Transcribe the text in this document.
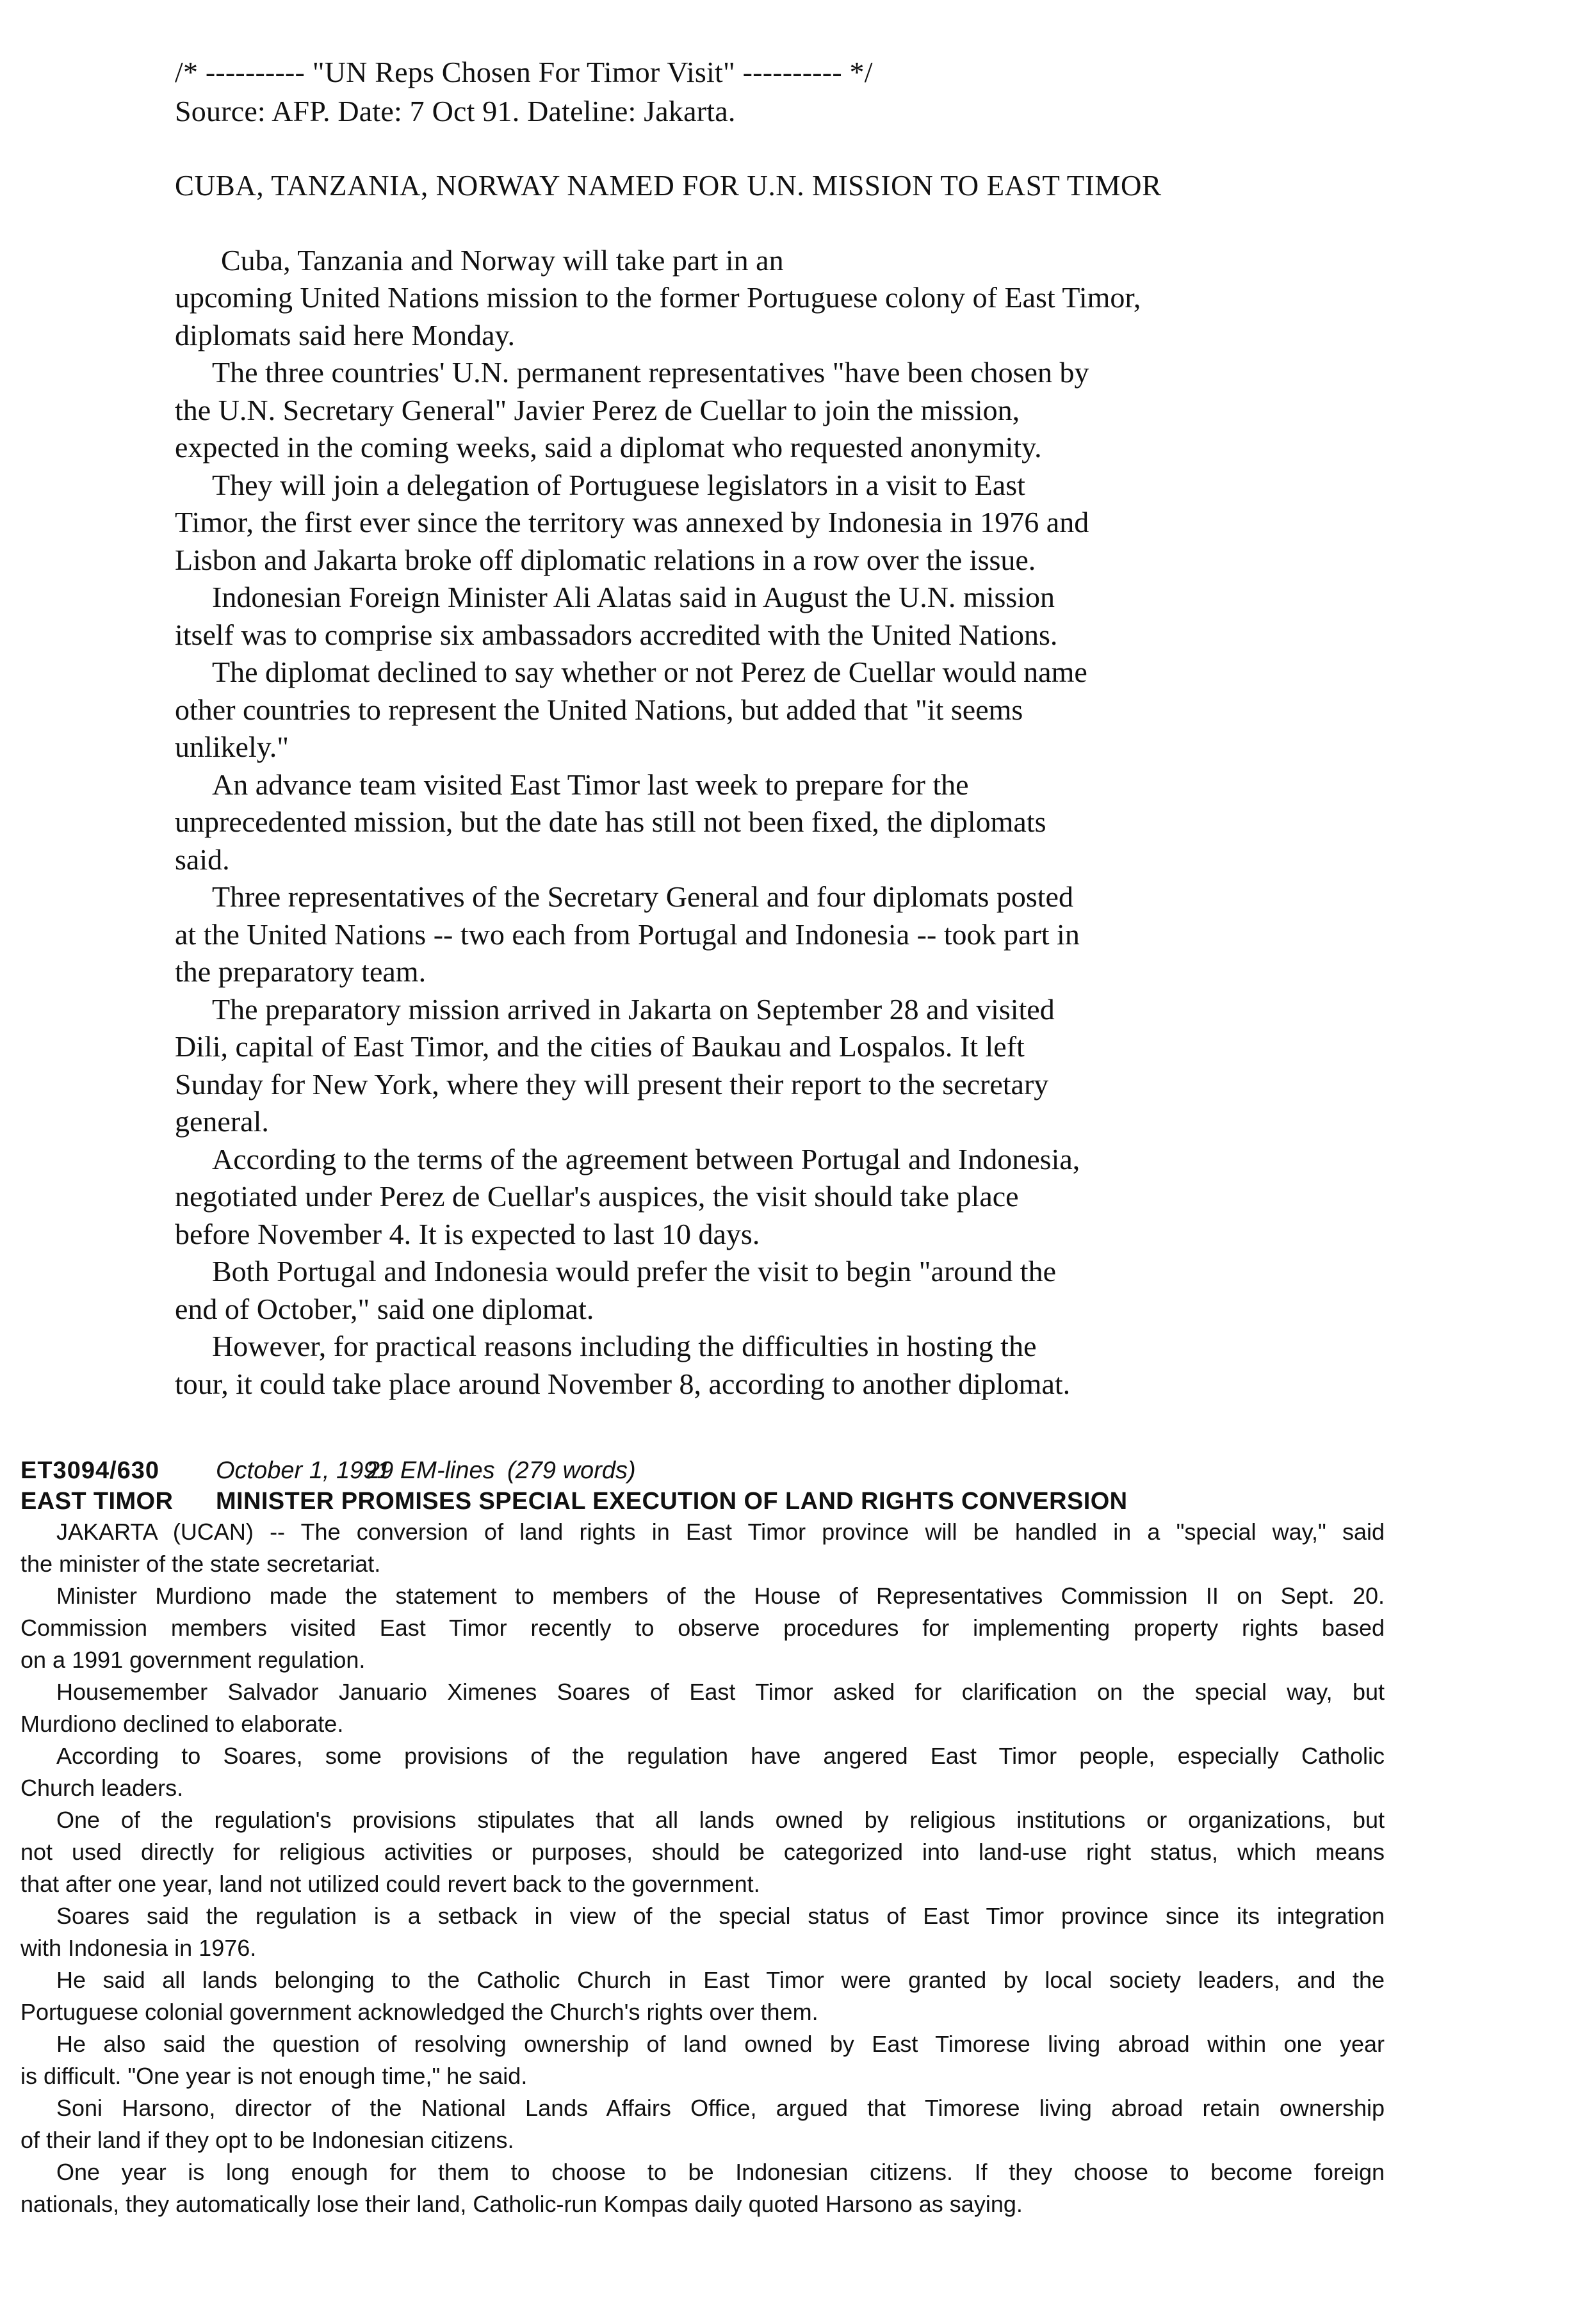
/* ---------- "UN Reps Chosen For Timor Visit" ---------- */
Source: AFP. Date: 7 Oct 91. Dateline: Jakarta.
CUBA, TANZANIA, NORWAY NAMED FOR U.N. MISSION TO EAST TIMOR
Cuba, Tanzania and Norway will take part in an
upcoming United Nations mission to the former Portuguese colony of East Timor,
diplomats said here Monday.
The three countries' U.N. permanent representatives "have been chosen by
the U.N. Secretary General" Javier Perez de Cuellar to join the mission,
expected in the coming weeks, said a diplomat who requested anonymity.
They will join a delegation of Portuguese legislators in a visit to East
Timor, the first ever since the territory was annexed by Indonesia in 1976 and
Lisbon and Jakarta broke off diplomatic relations in a row over the issue.
Indonesian Foreign Minister Ali Alatas said in August the U.N. mission
itself was to comprise six ambassadors accredited with the United Nations.
The diplomat declined to say whether or not Perez de Cuellar would name
other countries to represent the United Nations, but added that "it seems
unlikely."
An advance team visited East Timor last week to prepare for the
unprecedented mission, but the date has still not been fixed, the diplomats
said.
Three representatives of the Secretary General and four diplomats posted
at the United Nations -- two each from Portugal and Indonesia -- took part in
the preparatory team.
The preparatory mission arrived in Jakarta on September 28 and visited
Dili, capital of East Timor, and the cities of Baukau and Lospalos. It left
Sunday for New York, where they will present their report to the secretary
general.
According to the terms of the agreement between Portugal and Indonesia,
negotiated under Perez de Cuellar's auspices, the visit should take place
before November 4. It is expected to last 10 days.
Both Portugal and Indonesia would prefer the visit to begin "around the
end of October," said one diplomat.
However, for practical reasons including the difficulties in hosting the
tour, it could take place around November 8, according to another diplomat.
ET3094/630 October 1, 199129 EM-lines (279 words)
EAST TIMOR MINISTER PROMISES SPECIAL EXECUTION OF LAND RIGHTS CONVERSION
JAKARTA (UCAN) -- The conversion of land rights in East Timor province will be handled in a "special way," said
the minister of the state secretariat.
Minister Murdiono made the statement to members of the House of Representatives Commission II on Sept. 20.
Commission members visited East Timor recently to observe procedures for implementing property rights based
on a 1991 government regulation.
Housemember Salvador Januario Ximenes Soares of East Timor asked for clarification on the special way, but
Murdiono declined to elaborate.
According to Soares, some provisions of the regulation have angered East Timor people, especially Catholic
Church leaders.
One of the regulation's provisions stipulates that all lands owned by religious institutions or organizations, but
not used directly for religious activities or purposes, should be categorized into land-use right status, which means
that after one year, land not utilized could revert back to the government.
Soares said the regulation is a setback in view of the special status of East Timor province since its integration
with Indonesia in 1976.
He said all lands belonging to the Catholic Church in East Timor were granted by local society leaders, and the
Portuguese colonial government acknowledged the Church's rights over them.
He also said the question of resolving ownership of land owned by East Timorese living abroad within one year
is difficult. "One year is not enough time," he said.
Soni Harsono, director of the National Lands Affairs Office, argued that Timorese living abroad retain ownership
of their land if they opt to be Indonesian citizens.
One year is long enough for them to choose to be Indonesian citizens. If they choose to become foreign
nationals, they automatically lose their land, Catholic-run Kompas daily quoted Harsono as saying.
